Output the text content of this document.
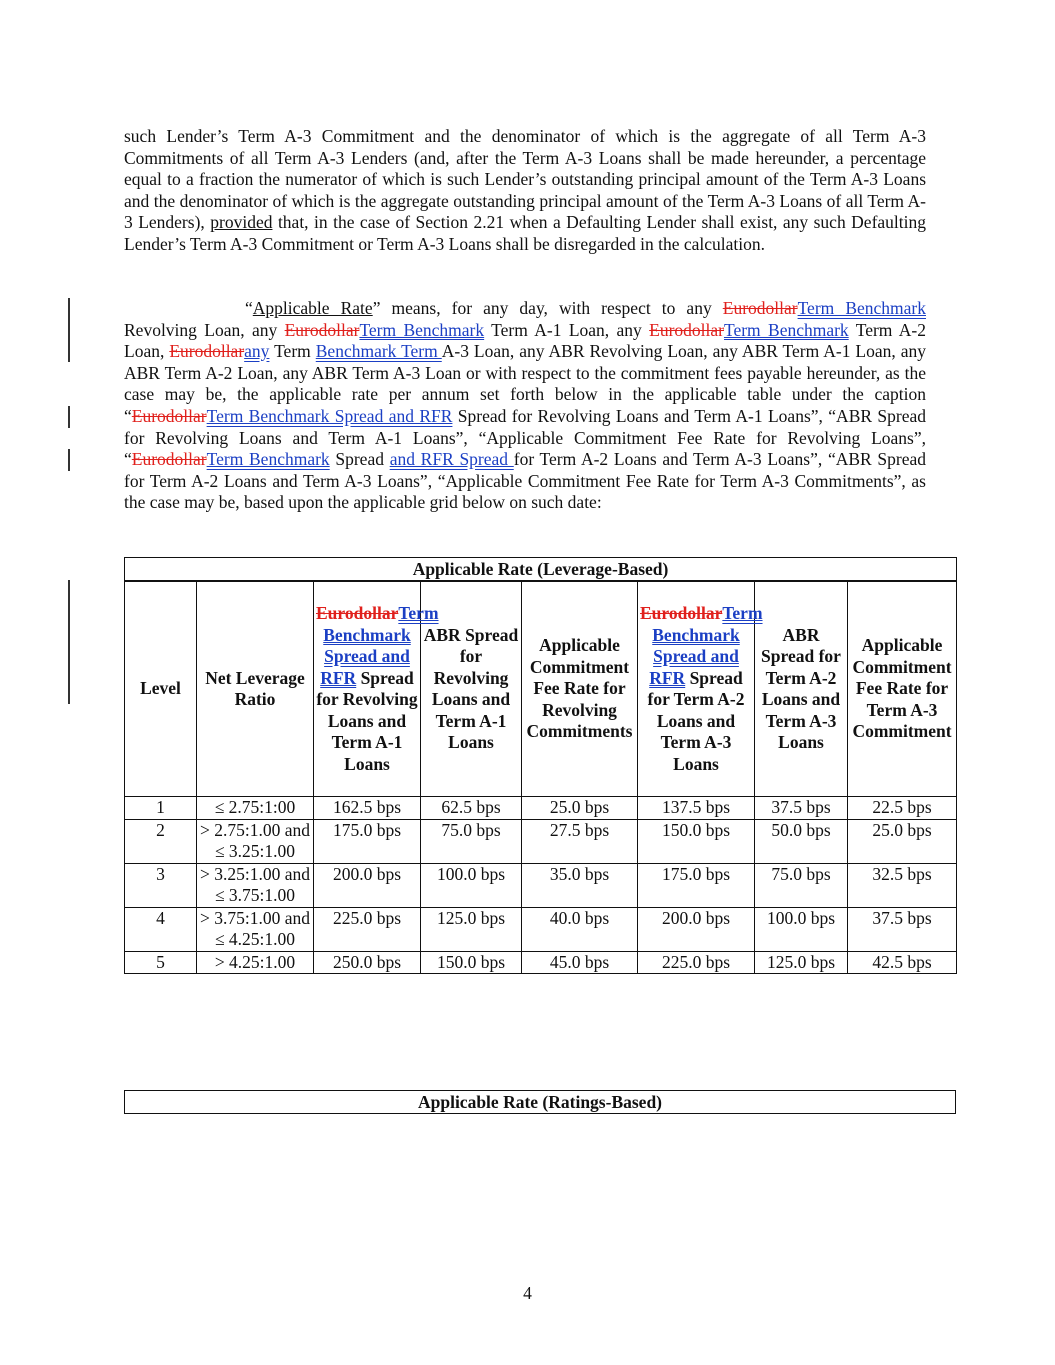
such Lender’s Term A-3 Commitment and the denominator of which is the aggregate of all Term A-3 Commitments of all Term A-3 Lenders (and, after the Term A-3 Loans shall be made hereunder, a percentage equal to a fraction the numerator of which is such Lender’s outstanding principal amount of the Term A-3 Loans and the denominator of which is the aggregate outstanding principal amount of the Term A-3 Loans of all Term A-3 Lenders), provided that, in the case of Section 2.21 when a Defaulting Lender shall exist, any such Defaulting Lender’s Term A-3 Commitment or Term A-3 Loans shall be disregarded in the calculation.

“Applicable Rate” means, for any day, with respect to any EurodollarTerm Benchmark Revolving Loan, any EurodollarTerm Benchmark Term A-1 Loan, any EurodollarTerm Benchmark Term A-2 Loan, Eurodollarany Term Benchmark Term A-3 Loan, any ABR Revolving Loan, any ABR Term A-1 Loan, any ABR Term A-2 Loan, any ABR Term A-3 Loan or with respect to the commitment fees payable hereunder, as the case may be, the applicable rate per annum set forth below in the applicable table under the caption “EurodollarTerm Benchmark Spread and RFR Spread for Revolving Loans and Term A-1 Loans”, “ABR Spread for Revolving Loans and Term A-1 Loans”, “Applicable Commitment Fee Rate for Revolving Loans”, “EurodollarTerm Benchmark Spread and RFR Spread for Term A-2 Loans and Term A-3 Loans”, “ABR Spread for Term A-2 Loans and Term A-3 Loans”, “Applicable Commitment Fee Rate for Term A-3 Commitments”, as the case may be, based upon the applicable grid below on such date:

Applicable Rate (Leverage-Based)							
Level	Net Leverage Ratio	EurodollarTerm Benchmark Spread and RFR Spread for Revolving Loans and Term A-1 Loans	ABR Spread for Revolving Loans and Term A-1 Loans	Applicable Commitment Fee Rate for Revolving Commitments	EurodollarTerm Benchmark Spread and RFR Spread for Term A-2 Loans and Term A-3 Loans	ABR Spread for Term A-2 Loans and Term A-3 Loans	Applicable Commitment Fee Rate for Term A-3 Commitment
1	≤ 2.75:1:00	162.5 bps	62.5 bps	25.0 bps	137.5 bps	37.5 bps	22.5 bps
2	> 2.75:1.00 and ≤ 3.25:1.00	175.0 bps	75.0 bps	27.5 bps	150.0 bps	50.0 bps	25.0 bps
3	> 3.25:1.00 and ≤ 3.75:1.00	200.0 bps	100.0 bps	35.0 bps	175.0 bps	75.0 bps	32.5 bps
4	> 3.75:1.00 and ≤ 4.25:1.00	225.0 bps	125.0 bps	40.0 bps	200.0 bps	100.0 bps	37.5 bps
5	> 4.25:1.00	250.0 bps	150.0 bps	45.0 bps	225.0 bps	125.0 bps	42.5 bps
Applicable Rate (Ratings-Based)
4
